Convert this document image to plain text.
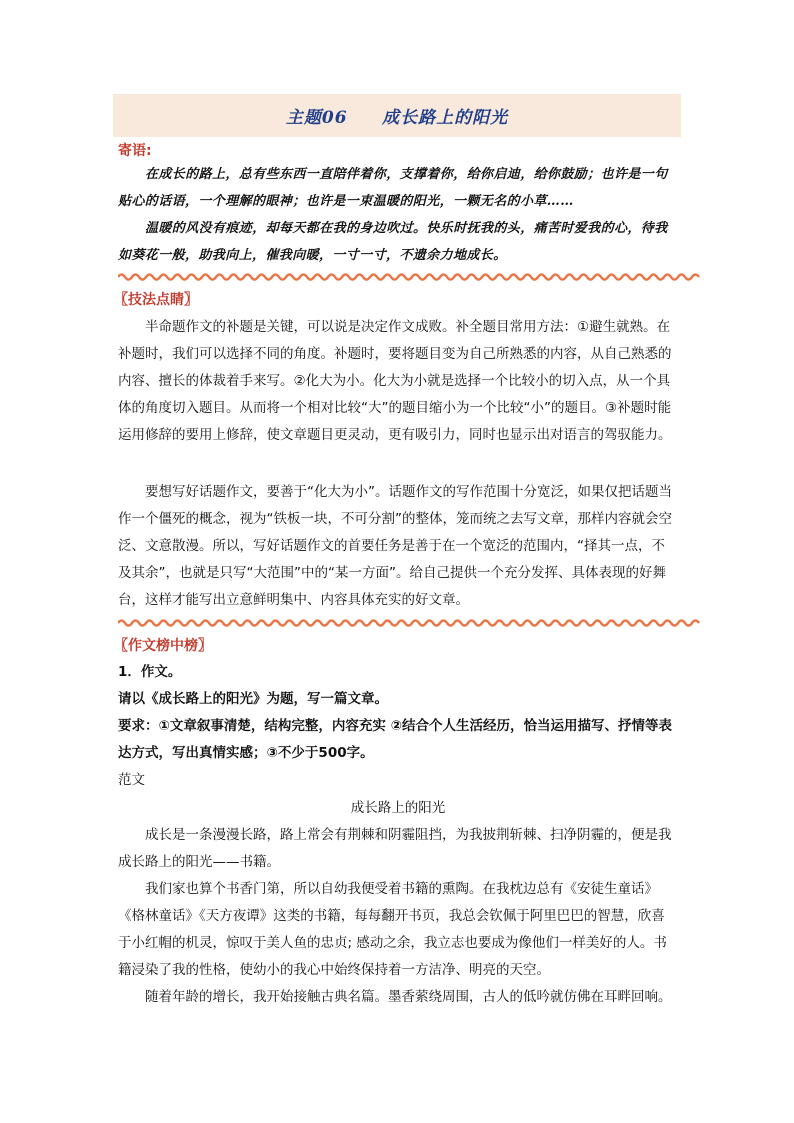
主题06     成长路上的阳光
寄语:
在成长的路上，总有些东西一直陪伴着你，支撑着你，给你启迪，给你鼓励；也许是一句贴心的话语，一个理解的眼神；也许是一束温暖的阳光，一颗无名的小草……
温暖的风没有痕迹，却每天都在我的身边吹过。快乐时抚我的头，痛苦时爱我的心，待我如葵花一般，助我向上，催我向暖，一寸一寸，不遗余力地成长。
〖技法点睛〗
半命题作文的补题是关键，可以说是决定作文成败。补全题目常用方法：①避生就熟。在补题时，我们可以选择不同的角度。补题时，要将题目变为自己所熟悉的内容，从自己熟悉的内容、擅长的体裁着手来写。②化大为小。化大为小就是选择一个比较小的切入点，从一个具体的角度切入题目。从而将一个相对比较“大”的题目缩小为一个比较“小”的题目。③补题时能运用修辞的要用上修辞，使文章题目更灵动，更有吸引力，同时也显示出对语言的驾驭能力。
要想写好话题作文，要善于“化大为小”。话题作文的写作范围十分宽泛，如果仅把话题当作一个僵死的概念，视为“铁板一块，不可分割”的整体，笼而统之去写文章，那样内容就会空泛、文意散漫。所以，写好话题作文的首要任务是善于在一个宽泛的范围内，“择其一点，不及其余”，也就是只写“大范围”中的“某一方面”。给自己提供一个充分发挥、具体表现的好舞台，这样才能写出立意鲜明集中、内容具体充实的好文章。
〖作文榜中榜〗
1．作文。
请以《成长路上的阳光》为题，写一篇文章。
要求：①文章叙事清楚，结构完整，内容充实 ②结合个人生活经历，恰当运用描写、抒情等表达方式，写出真情实感；③不少于500字。
范文
成长路上的阳光
成长是一条漫漫长路，路上常会有荆棘和阴霾阻挡，为我披荆斩棘、扫净阴霾的，便是我成长路上的阳光——书籍。
我们家也算个书香门第，所以自幼我便受着书籍的熏陶。在我枕边总有《安徒生童话》《格林童话》《天方夜谭》这类的书籍，每每翻开书页，我总会钦佩于阿里巴巴的智慧，欣喜于小红帽的机灵，惊叹于美人鱼的忠贞; 感动之余，我立志也要成为像他们一样美好的人。书籍浸染了我的性格，使幼小的我心中始终保持着一方洁净、明亮的天空。
随着年龄的增长，我开始接触古典名篇。墨香萦绕周围，古人的低吟就仿佛在耳畔回响。
